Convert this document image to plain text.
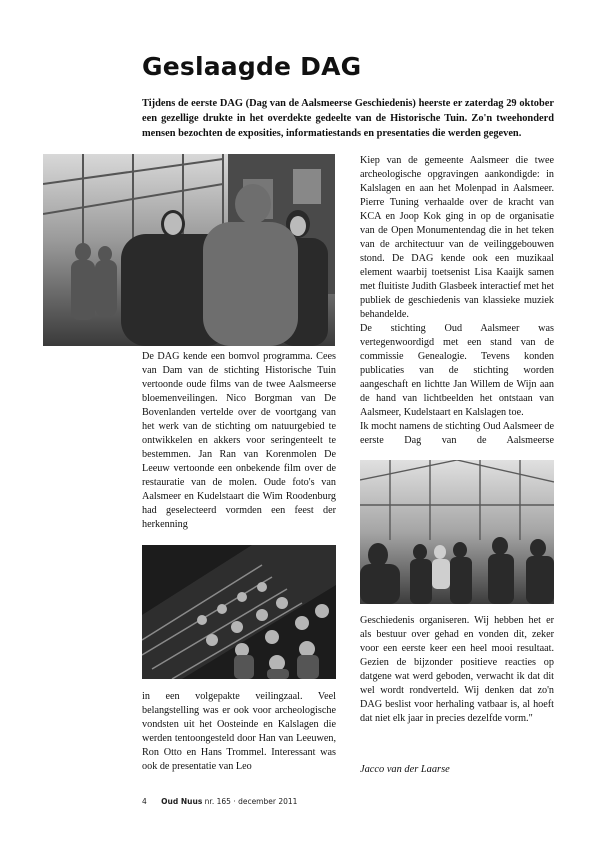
Geslaagde DAG
Tijdens de eerste DAG (Dag van de Aalsmeerse Geschiedenis) heerste er zaterdag 29 oktober een gezellige drukte in het overdekte gedeelte van de Historische Tuin. Zo'n tweehonderd mensen bezochten de exposities, informatiestands en presentaties die werden gegeven.

De DAG kende een bomvol programma. Cees van Dam van de stichting Historische Tuin vertoonde oude films van de twee Aalsmeerse bloemenveilingen. Nico Borgman van De Bovenlanden vertelde over de voortgang van het werk van de stichting om natuurgebied te ontwikkelen en akkers voor seringenteelt te bestemmen. Jan Ran van Korenmolen De Leeuw vertoonde een onbekende film over de restauratie van de molen. Oude foto's van Aalsmeer en Kudelstaart die Wim Roodenburg had geselecteerd vormden een feest der herkenning

in een volgepakte veilingzaal. Veel belangstelling was er ook voor archeologische vondsten uit het Oosteinde en Kalslagen die werden tentoongesteld door Han van Leeuwen, Ron Otto en Hans Trommel. Interessant was ook de presentatie van Leo

Kiep van de gemeente Aalsmeer die twee archeologische opgravingen aankondigde: in Kalslagen en aan het Molenpad in Aalsmeer. Pierre Tuning verhaalde over de kracht van KCA en Joop Kok ging in op de organisatie van de Open Monumentendag die in het teken van de architectuur van de veilinggebouwen stond. De DAG kende ook een muzikaal element waarbij toetsenist Lisa Kaaijk samen met fluitiste Judith Glasbeek interactief met het publiek de geschiedenis van klassieke muziek behandelde.

De stichting Oud Aalsmeer was vertegenwoordigd met een stand van de commissie Genealogie. Tevens konden publicaties van de stichting worden aangeschaft en lichtte Jan Willem de Wijn aan de hand van lichtbeelden het ontstaan van Aalsmeer, Kudelstaart en Kalslagen toe.

Ik mocht namens de stichting Oud Aalsmeer de eerste Dag van de Aalsmeerse

Geschiedenis organiseren. Wij hebben het er als bestuur over gehad en vonden dit, zeker voor een eerste keer een heel mooi resultaat. Gezien de bijzonder positieve reacties op datgene wat werd geboden, verwacht ik dat dit wel wordt rondverteld. Wij denken dat zo'n DAG beslist voor herhaling vatbaar is, al hoeft dat niet elk jaar in precies dezelfde vorm."

Jacco van der Laarse
4 Oud Nuus nr. 165 · december 2011
